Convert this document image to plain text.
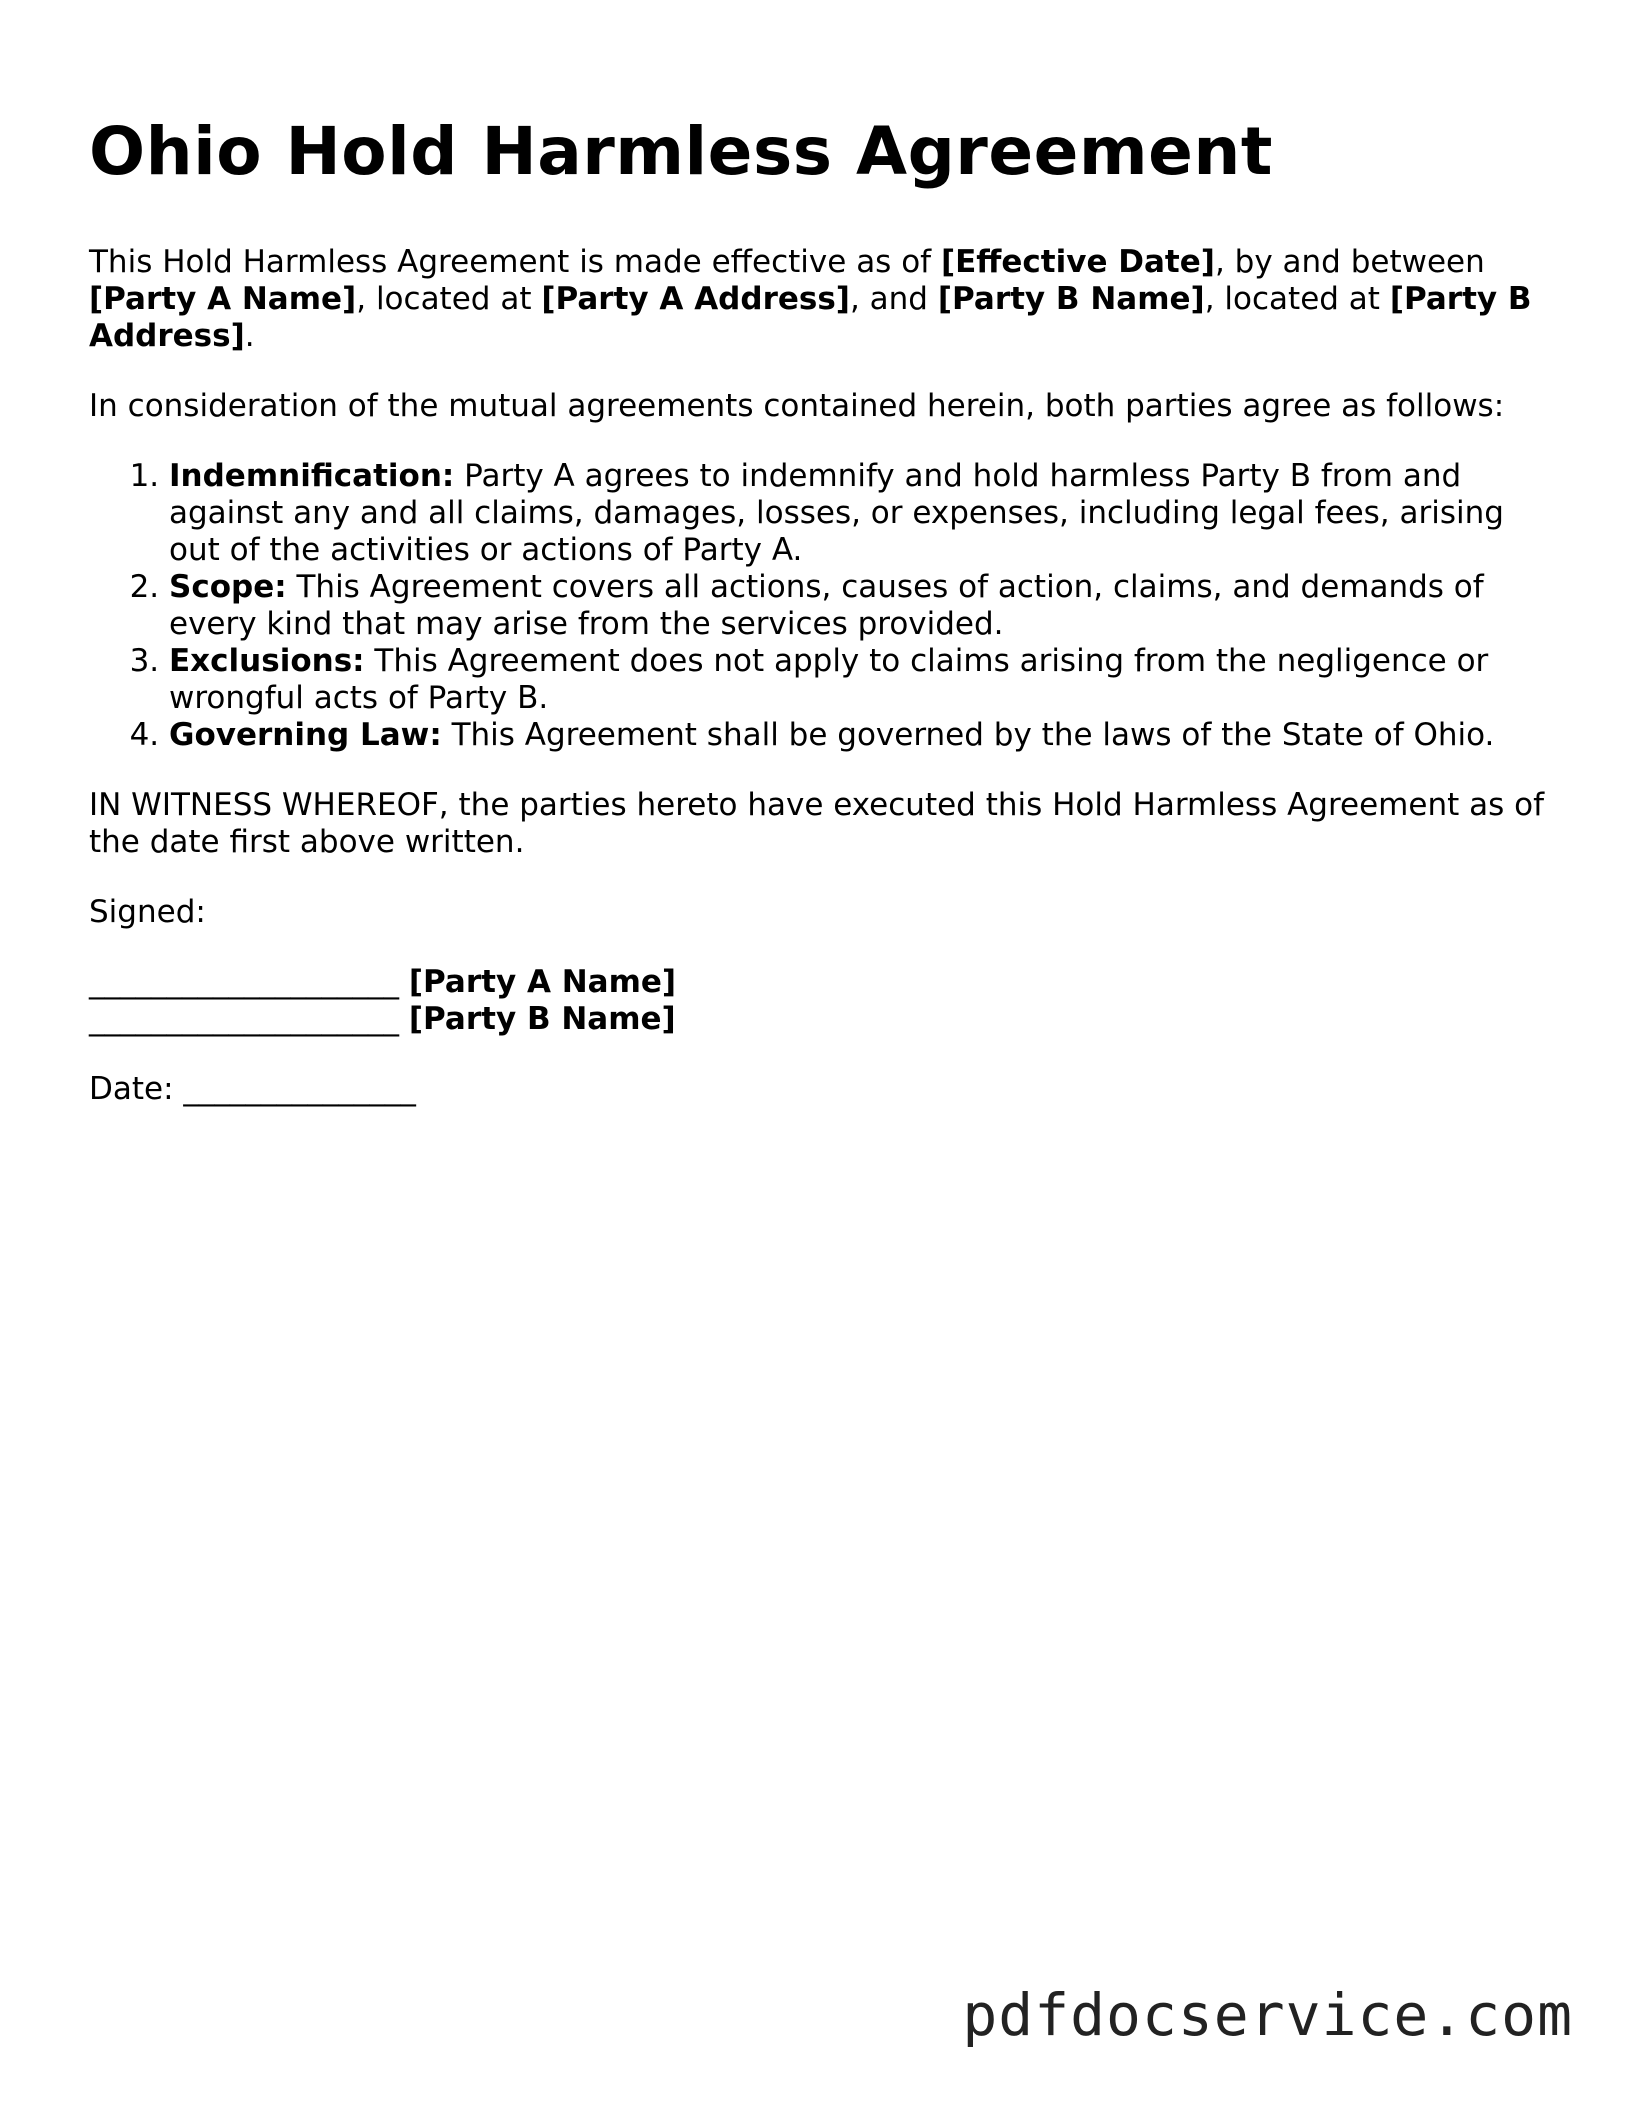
Ohio Hold Harmless Agreement

This Hold Harmless Agreement is made effective as of [Effective Date], by and between [Party A Name], located at [Party A Address], and [Party B Name], located at [Party B Address].

In consideration of the mutual agreements contained herein, both parties agree as follows:

1. Indemnification: Party A agrees to indemnify and hold harmless Party B from and against any and all claims, damages, losses, or expenses, including legal fees, arising out of the activities or actions of Party A.
2. Scope: This Agreement covers all actions, causes of action, claims, and demands of every kind that may arise from the services provided.
3. Exclusions: This Agreement does not apply to claims arising from the negligence or wrongful acts of Party B.
4. Governing Law: This Agreement shall be governed by the laws of the State of Ohio.

IN WITNESS WHEREOF, the parties hereto have executed this Hold Harmless Agreement as of the date first above written.

Signed:

____________________ [Party A Name]
____________________ [Party B Name]

Date: _______________

pdfdocservice.com
